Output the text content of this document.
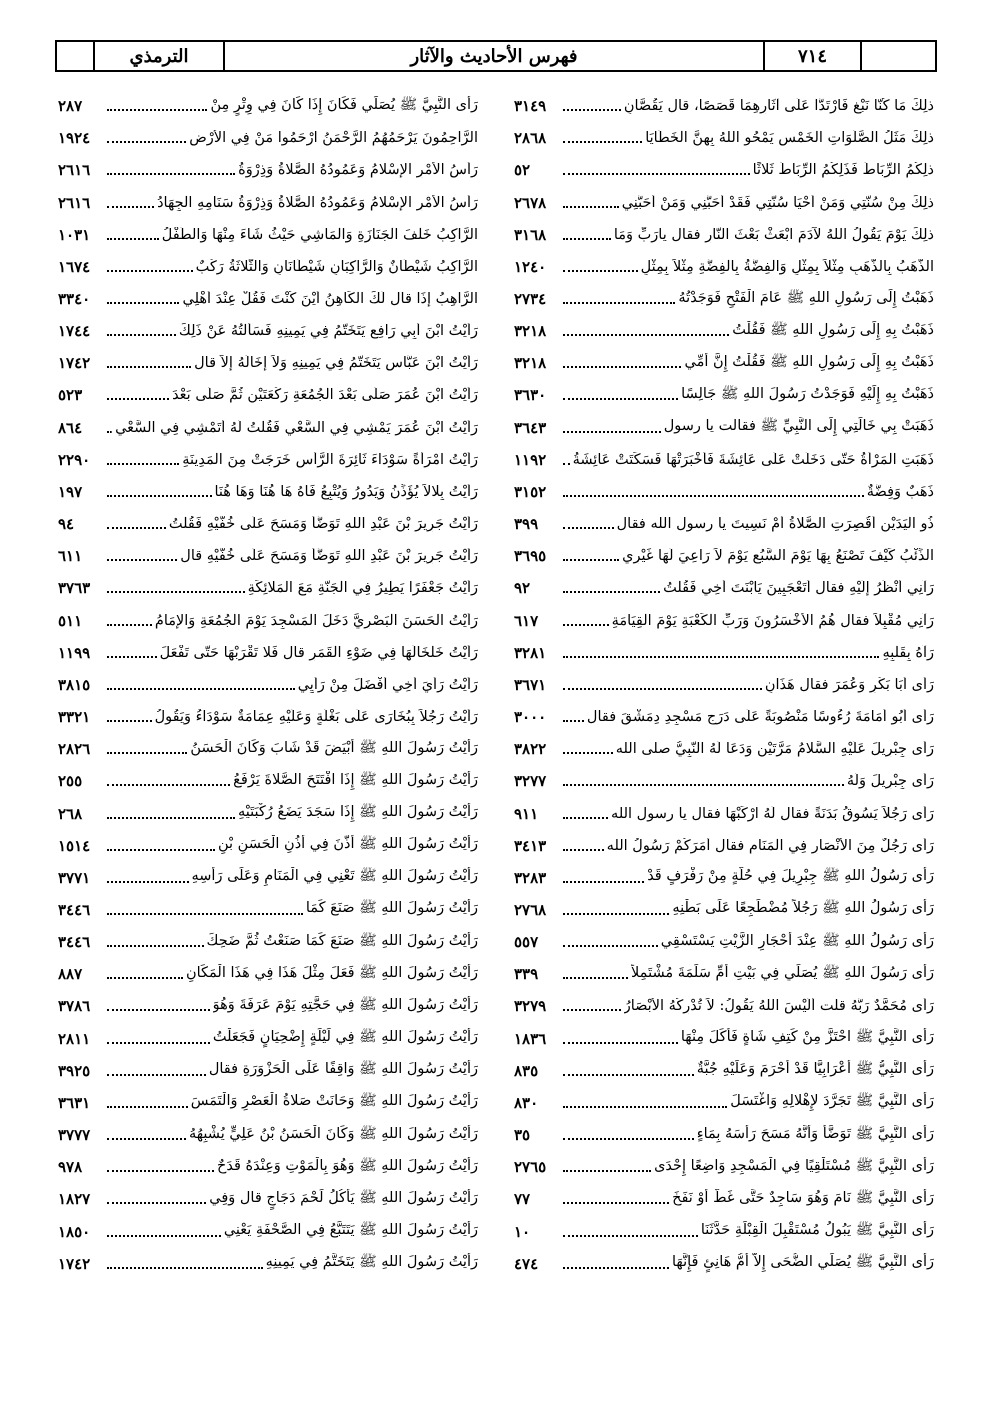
الترمذي	فهرس الأحاديث والآثار	٧١٤
٢٨٧	رَأَى النَّبِيَّ ﷺ يُصَلِّي فَكَانَ إِذَا كَانَ فِي وِتْرٍ مِنْ
١٩٢٤	الرَّاحِمُونَ يَرْحَمُهُمُ الرَّحْمَنُ ارْحَمُوا مَنْ فِي الأَرْضِ
٢٦١٦	رَأْسُ الأَمْرِ الإِسْلامُ وَعَمُودُهُ الصَّلاةُ وَذِرْوَةُ
٢٦١٦	رَأْسُ الأَمْرِ الإِسْلامُ وَعَمُودُهُ الصَّلاةُ وَذِرْوَةُ سَنَامِهِ الْجِهَادُ
١٠٣١	الرَّاكِبُ خَلْفَ الْجَنَازَةِ وَالْمَاشِي حَيْثُ شَاءَ مِنْهَا وَالطِّفْلُ
١٦٧٤	الرَّاكِبُ شَيْطَانٌ وَالرَّاكِبَانِ شَيْطَانَانِ وَالثَّلاثَةُ رَكْبٌ
٣٣٤٠	الرَّاهِبُ إِذَا قال لَكَ الْكَاهِنُ أَيْنَ كُنْتَ فَقُلْ عِنْدَ أَهْلِي
١٧٤٤	رَأَيْتُ ابْنَ أَبِي رَافِعٍ يَتَخَتَّمُ فِي يَمِينِهِ فَسَأَلْتُهُ عَنْ ذَلِكَ
١٧٤٢	رَأَيْتُ ابْنَ عَبَّاسٍ يَتَخَتَّمُ فِي يَمِينِهِ وَلاَ إِخَالُهُ إِلاَّ قال
٥٢٣	رَأَيْتُ ابْنَ عُمَرَ صَلَّى بَعْدَ الْجُمُعَةِ رَكْعَتَيْنِ ثُمَّ صَلَّى بَعْدَ
٨٦٤	رَأَيْتُ ابْنَ عُمَرَ يَمْشِي فِي السَّعْيِ فَقُلْتُ لَهُ أَتَمْشِي فِي السَّعْيِ
٢٢٩٠	رَأَيْتُ امْرَأَةً سَوْدَاءَ ثَائِرَةَ الرَّأْسِ خَرَجَتْ مِنَ الْمَدِينَةِ
١٩٧	رَأَيْتُ بِلالاً يُؤَذِّنُ وَيَدُورُ وَيُتْبِعُ فَاهُ هَا هُنَا وَهَا هُنَا
٩٤	رَأَيْتُ جَرِيرَ بْنَ عَبْدِ اللهِ تَوَضَّأَ وَمَسَحَ عَلَى خُفَّيْهِ فَقُلْتُ
٦١١	رَأَيْتُ جَرِيرَ بْنَ عَبْدِ اللهِ تَوَضَّأَ وَمَسَحَ عَلَى خُفَّيْهِ قال
٣٧٦٣	رَأَيْتُ جَعْفَرًا يَطِيرُ فِي الْجَنَّةِ مَعَ الْمَلائِكَةِ
٥١١	رَأَيْتُ الْحَسَنَ الْبَصْرِيَّ دَخَلَ الْمَسْجِدَ يَوْمَ الْجُمُعَةِ وَالإِمَامُ
١١٩٩	رَأَيْتُ خَلْخَالَهَا فِي ضَوْءِ الْقَمَرِ قال فَلا تَقْرَبْهَا حَتَّى تَفْعَلَ
٣٨١٥	رَأَيْتُ رَأْيَ أَخِي أَفْضَلَ مِنْ رَأْيِي
٣٣٢١	رَأَيْتُ رَجُلاً بِبُخَارَى عَلَى بَغْلَةٍ وَعَلَيْهِ عِمَامَةٌ سَوْدَاءُ وَيَقُولُ
٢٨٢٦	رَأَيْتُ رَسُولَ اللهِ ﷺ أَبْيَضَ قَدْ شَابَ وَكَانَ الْحَسَنُ
٢٥٥	رَأَيْتُ رَسُولَ اللهِ ﷺ إِذَا افْتَتَحَ الصَّلاةَ يَرْفَعُ
٢٦٨	رَأَيْتُ رَسُولَ اللهِ ﷺ إِذَا سَجَدَ يَضَعُ رُكْبَتَيْهِ
١٥١٤	رَأَيْتُ رَسُولَ اللهِ ﷺ أَذَّنَ فِي أُذُنِ الْحَسَنِ بْنِ
٣٧٧١	رَأَيْتُ رَسُولَ اللهِ ﷺ تَعْنِي فِي الْمَنَامِ وَعَلَى رَأْسِهِ
٣٤٤٦	رَأَيْتُ رَسُولَ اللهِ ﷺ صَنَعَ كَمَا
٣٤٤٦	رَأَيْتُ رَسُولَ اللهِ ﷺ صَنَعَ كَمَا صَنَعْتُ ثُمَّ ضَحِكَ
٨٨٧	رَأَيْتُ رَسُولَ اللهِ ﷺ فَعَلَ مِثْلَ هَذَا فِي هَذَا الْمَكَانِ
٣٧٨٦	رَأَيْتُ رَسُولَ اللهِ ﷺ فِي حَجَّتِهِ يَوْمَ عَرَفَةَ وَهُوَ
٢٨١١	رَأَيْتُ رَسُولَ اللهِ ﷺ فِي لَيْلَةٍ إِضْحِيَانٍ فَجَعَلْتُ
٣٩٢٥	رَأَيْتُ رَسُولَ اللهِ ﷺ وَاقِفًا عَلَى الْحَزْوَرَةِ فقال
٣٦٣١	رَأَيْتُ رَسُولَ اللهِ ﷺ وَحَانَتْ صَلاةُ الْعَصْرِ وَالْتَمَسَ
٣٧٧٧	رَأَيْتُ رَسُولَ اللهِ ﷺ وَكَانَ الْحَسَنُ بْنُ عَلِيٍّ يُشْبِهُهُ
٩٧٨	رَأَيْتُ رَسُولَ اللهِ ﷺ وَهُوَ بِالْمَوْتِ وَعِنْدَهُ قَدَحٌ
١٨٢٧	رَأَيْتُ رَسُولَ اللهِ ﷺ يَأْكُلُ لَحْمَ دَجَاجٍ قال وَفِي
١٨٥٠	رَأَيْتُ رَسُولَ اللهِ ﷺ يَتَتَبَّعُ فِي الصَّحْفَةِ يَعْنِي
١٧٤٢	رَأَيْتُ رَسُولَ اللهِ ﷺ يَتَخَتَّمُ فِي يَمِينِهِ
٣١٤٩	ذلِكَ مَا كُنَّا نَبْغ فَارْتَدَّا عَلَى آثَارِهِمَا قَصَصًا، قال يَقُصَّانِ
٢٨٦٨	ذلِكَ مَثَلُ الصَّلَوَاتِ الْخَمْسِ يَمْحُو اللهُ بِهِنَّ الْخَطَايَا
٥٢	ذلِكُمُ الرِّبَاطُ فَذَلِكُمُ الرِّبَاطُ ثَلاثًا
٢٦٧٨	ذلِكَ مِنْ سُنَّتِي وَمَنْ أَحْيَا سُنَّتِي فَقَدْ أَحَبَّنِي وَمَنْ أَحَبَّنِي
٣١٦٨	ذلِكَ يَوْمَ يَقُولُ اللهُ لآدَمَ ابْعَثْ بَعْثَ النَّارِ فقال يارَبِّ وَمَا
١٢٤٠	الذَّهَبُ بِالذَّهَبِ مِثْلاً بِمِثْلٍ وَالْفِضَّةُ بِالْفِضَّةِ مِثْلاً بِمِثْلٍ
٢٧٣٤	ذَهَبْتُ إِلَى رَسُولِ اللهِ ﷺ عَامَ الْفَتْحِ فَوَجَدْتُهُ
٣٢١٨	ذَهَبْتُ بِهِ إِلَى رَسُولِ اللهِ ﷺ فَقُلْتُ
٣٢١٨	ذَهَبْتُ بِهِ إِلَى رَسُولِ اللهِ ﷺ فَقُلْتُ إِنَّ أُمِّي
٣٦٣٠	ذَهَبْتُ بِهِ إِلَيْهِ فَوَجَدْتُ رَسُولَ اللهِ ﷺ جَالِسًا
٣٦٤٣	ذَهَبَتْ بِي خَالَتِي إِلَى النَّبِيِّ ﷺ فقالت يا رسول
١١٩٢	ذَهَبَتِ الْمَرْأَةُ حَتَّى دَخَلَتْ عَلَى عَائِشَةَ فَأَخْبَرَتْهَا فَسَكَتَتْ عَائِشَةُ
٣١٥٢	ذَهَبٌ وَفِضَّةٌ
٣٩٩	ذُو الْيَدَيْنِ أَقُصِرَتِ الصَّلاةُ أَمْ نَسِيتَ يا رسول الله فقال
٣٦٩٥	الذِّئْبُ كَيْفَ تَصْنَعُ بِهَا يَوْمَ السَّبُعِ يَوْمَ لاَ رَاعِيَ لَهَا غَيْرِي
٩٢	رَآنِي أَنْظُرُ إِلَيْهِ فقال أَتَعْجَبِينَ يَابْنَتَ أَخِي فَقُلْتُ
٦١٧	رَآنِي مُقْبِلاً فقال هُمُ الأَخْسَرُونَ وَرَبِّ الْكَعْبَةِ يَوْمَ الْقِيَامَةِ
٣٢٨١	رَآهُ بِقَلْبِهِ
٣٦٧١	رَأَى أَبَا بَكْرٍ وَعُمَرَ فقال هَذَانِ
٣٠٠٠	رَأَى أَبُو أُمَامَةَ رُءُوسًا مَنْصُوبَةً عَلَى دَرَجِ مَسْجِدِ دِمَشْقَ فقال
٣٨٢٢	رَأَى جِبْرِيلَ عَلَيْهِ السَّلامُ مَرَّتَيْنِ وَدَعَا لَهُ النَّبِيُّ صلى الله
٣٢٧٧	رَأَى جِبْرِيلَ وَلَهُ
٩١١	رَأَى رَجُلاً يَسُوقُ بَدَنَةً فقال لَهُ ارْكَبْهَا فقال يا رسول الله
٣٤١٣	رَأَى رَجُلٌ مِنَ الأَنْصَارِ فِي الْمَنَامِ فقال أَمَرَكُمْ رَسُولُ الله
٣٢٨٣	رَأَى رَسُولُ اللهِ ﷺ جِبْرِيلَ فِي حُلَّةٍ مِنْ رَفْرَفٍ قَدْ
٢٧٦٨	رَأَى رَسُولُ اللهِ ﷺ رَجُلاً مُضْطَجِعًا عَلَى بَطْنِهِ
٥٥٧	رَأَى رَسُولُ اللهِ ﷺ عِنْدَ أَحْجَارِ الزَّيْتِ يَسْتَسْقِي
٣٣٩	رَأَى رَسُولَ اللهِ ﷺ يُصَلِّي فِي بَيْتِ أُمِّ سَلَمَةَ مُشْتَمِلاً
٣٢٧٩	رَأَى مُحَمَّدٌ رَبَّهُ قلت أَلَيْسَ اللهُ يَقُولُ: لاَ تُدْرِكُهُ الأَبْصَارُ
١٨٣٦	رَأَى النَّبِيَّ ﷺ احْتَزَّ مِنْ كَتِفِ شَاةٍ فَأَكَلَ مِنْهَا
٨٣٥	رَأَى النَّبِيُّ ﷺ أَعْرَابِيًّا قَدْ أَحْرَمَ وَعَلَيْهِ جُبَّةٌ
٨٣٠	رَأَى النَّبِيَّ ﷺ تَجَرَّدَ لإِهْلالِهِ وَاغْتَسَلَ
٣٥	رَأَى النَّبِيَّ ﷺ تَوَضَّأَ وَأَنَّهُ مَسَحَ رَأْسَهُ بِمَاءٍ
٢٧٦٥	رَأَى النَّبِيَّ ﷺ مُسْتَلْقِيًا فِي الْمَسْجِدِ وَاضِعًا إِحْدَى
٧٧	رَأَى النَّبِيَّ ﷺ نَامَ وَهُوَ سَاجِدٌ حَتَّى غَطَّ أَوْ نَفَخَ
١٠	رَأَى النَّبِيَّ ﷺ يَبُولُ مُسْتَقْبِلَ الْقِبْلَةِ حَدَّثَنَا
٤٧٤	رَأَى النَّبِيَّ ﷺ يُصَلِّي الضُّحَى إِلاَّ أُمُّ هَانِئٍ فَإِنَّهَا
